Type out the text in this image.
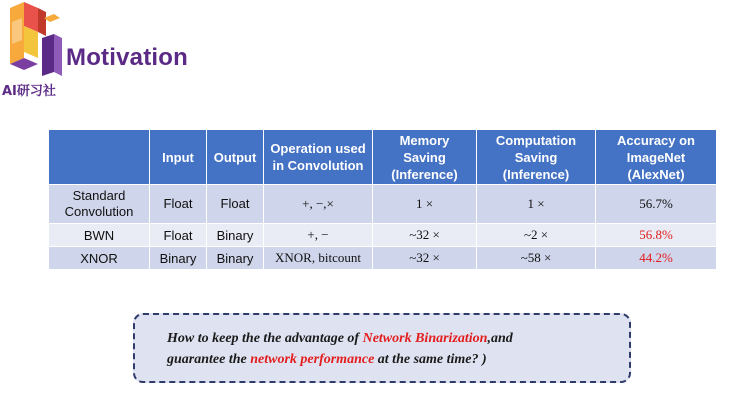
Motivation
AI研习社
	Input	Output	Operation used in Convolution	Memory Saving (Inference)	Computation Saving (Inference)	Accuracy on ImageNet (AlexNet)
Standard Convolution	Float	Float	+, −,×	1 ×	1 ×	56.7%
BWN	Float	Binary	+, −	~32 ×	~2 ×	56.8%
XNOR	Binary	Binary	XNOR, bitcount	~32 ×	~58 ×	44.2%
How to keep the the advantage of Network Binarization,and
guarantee the network performance at the same time? )
